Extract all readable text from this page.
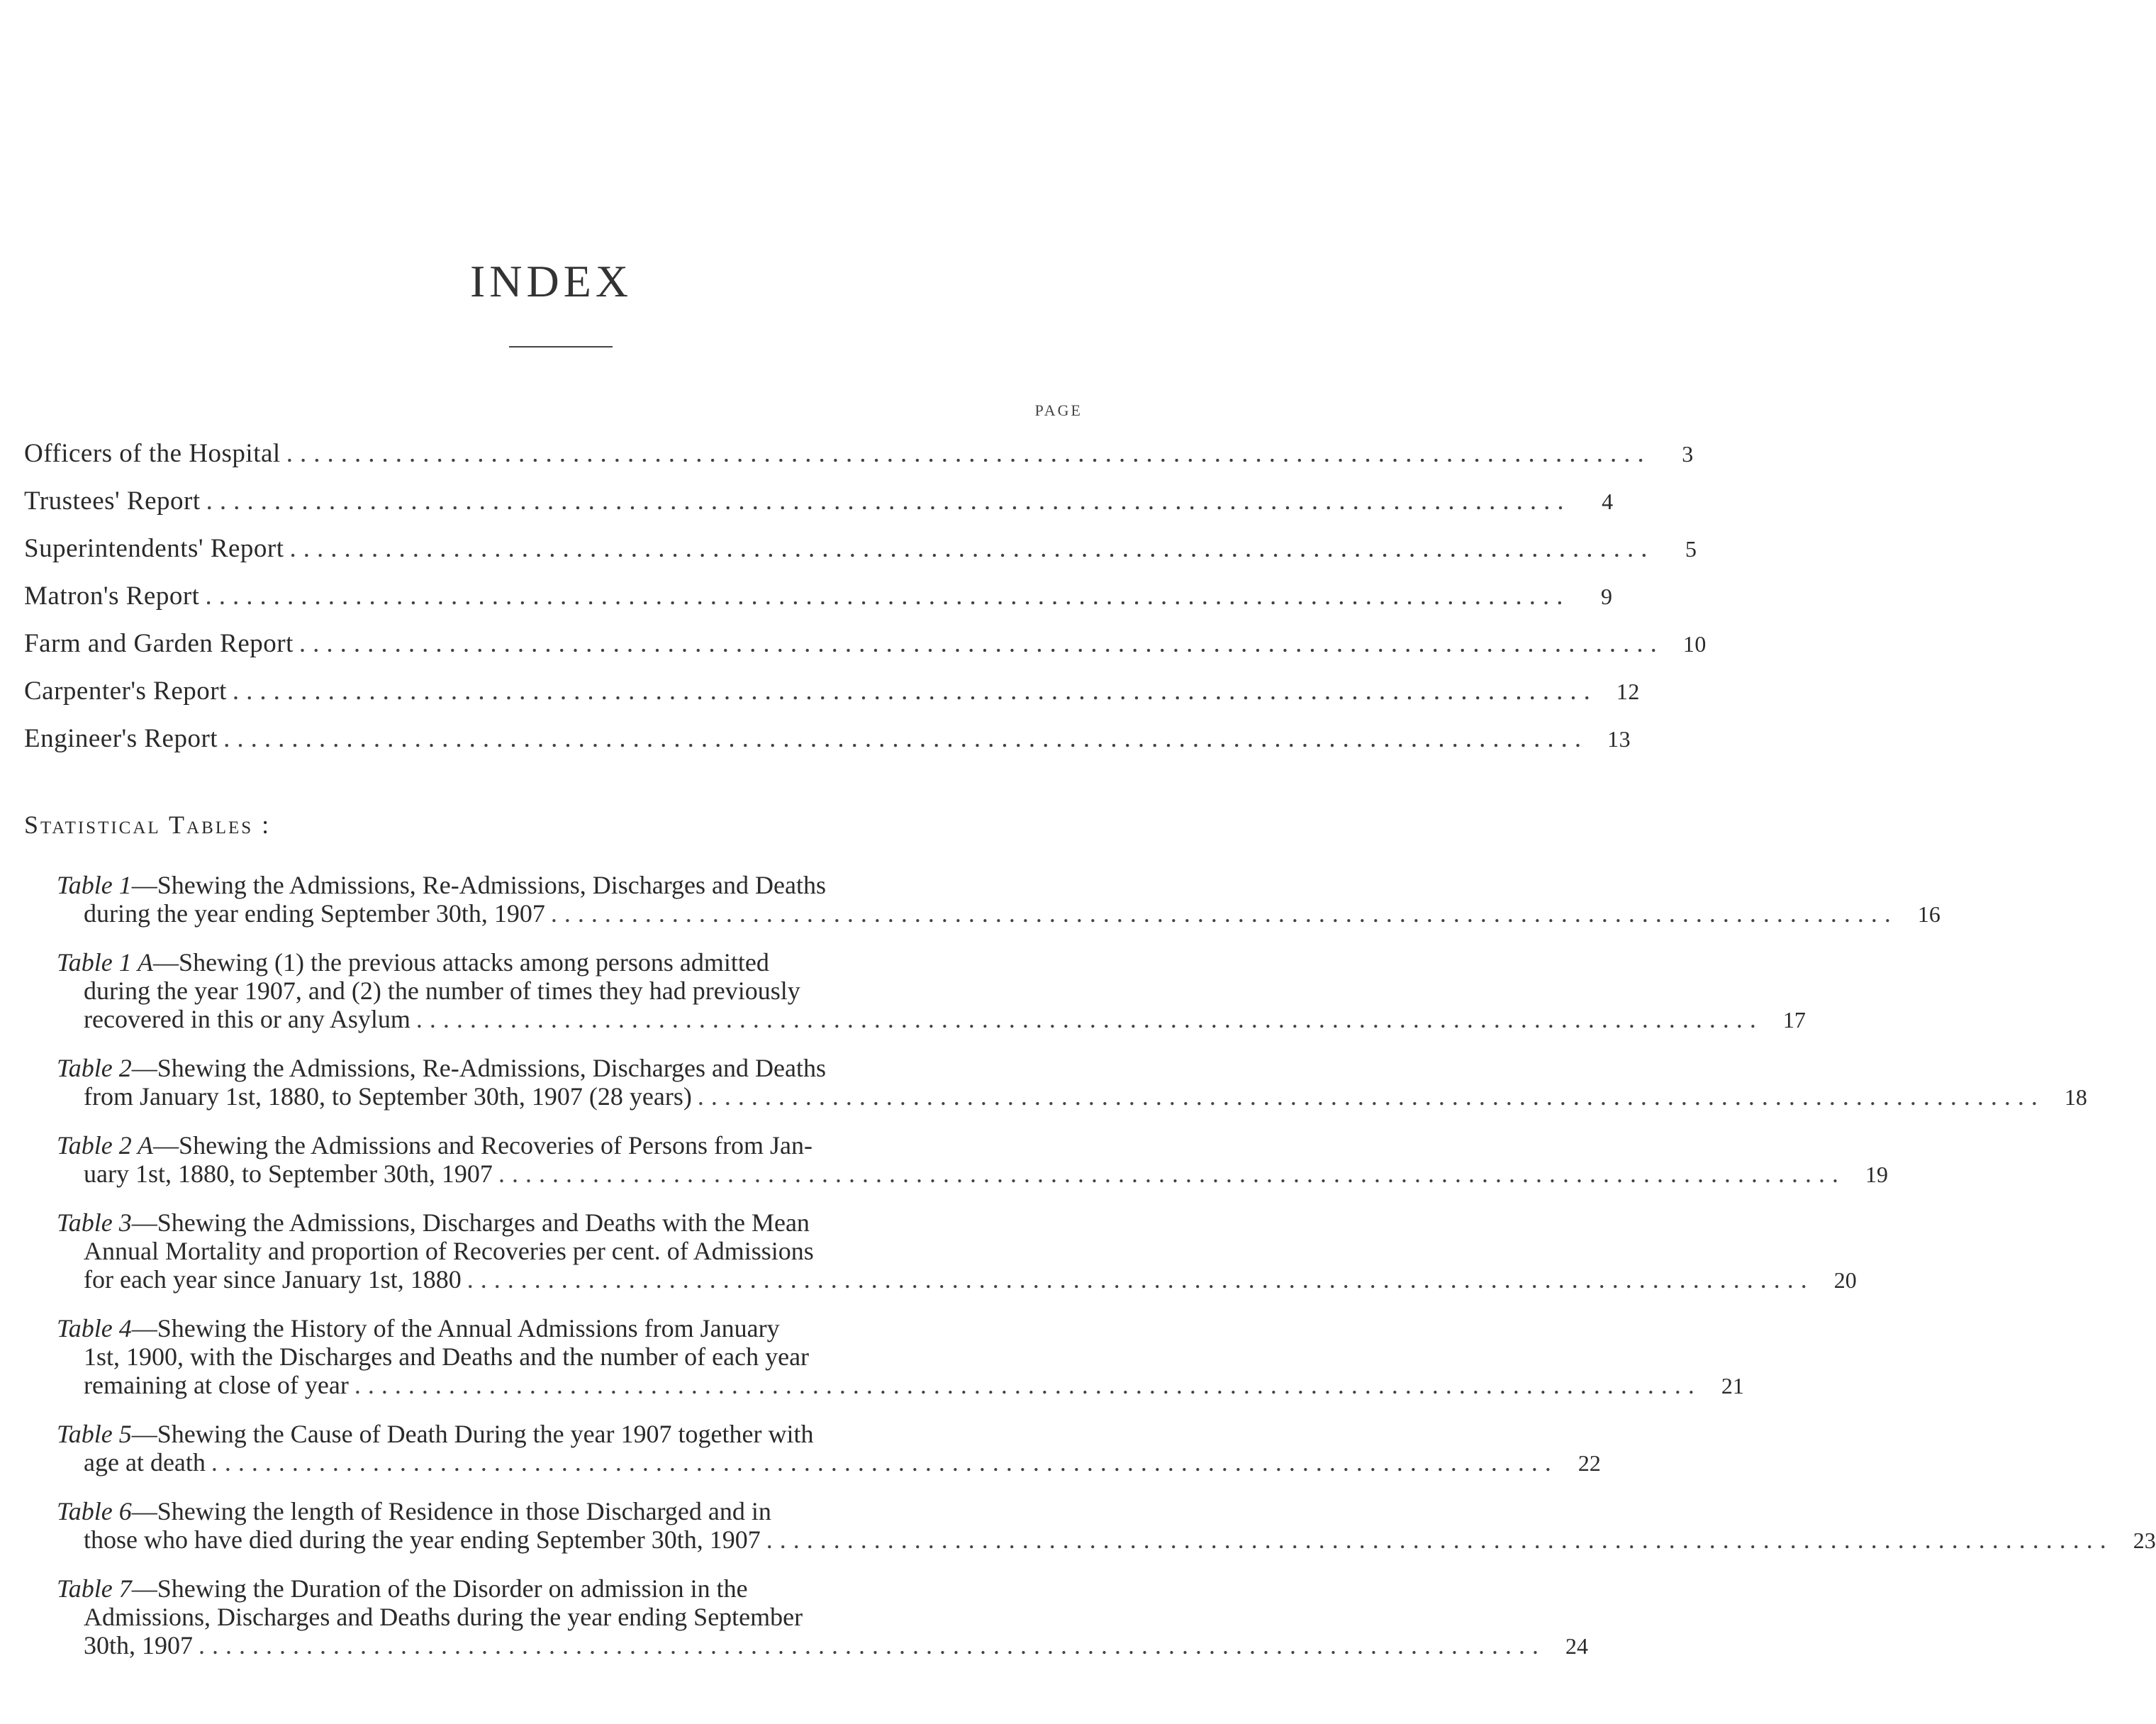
INDEX
PAGE
Officers of the Hospital ....................................................................................................	3
Trustees' Report ....................................................................................................	4
Superintendents' Report ....................................................................................................	5
Matron's Report ....................................................................................................	9
Farm and Garden Report .................................................................................................... 10
Carpenter's Report .................................................................................................... 12
Engineer's Report .................................................................................................... 13
Statistical Tables :
Table 1—Shewing the Admissions, Re-Admissions, Discharges and Deaths
during the year ending September 30th, 1907 .................................................................................................... 16
Table 1 A—Shewing (1) the previous attacks among persons admitted
during the year 1907, and (2) the number of times they had previously
recovered in this or any Asylum .................................................................................................... 17
Table 2—Shewing the Admissions, Re-Admissions, Discharges and Deaths
from January 1st, 1880, to September 30th, 1907 (28 years) .................................................................................................... 18
Table 2 A—Shewing the Admissions and Recoveries of Persons from Jan-
uary 1st, 1880, to September 30th, 1907 .................................................................................................... 19
Table 3—Shewing the Admissions, Discharges and Deaths with the Mean
Annual Mortality and proportion of Recoveries per cent. of Admissions
for each year since January 1st, 1880 .................................................................................................... 20
Table 4—Shewing the History of the Annual Admissions from January
1st, 1900, with the Discharges and Deaths and the number of each year
remaining at close of year .................................................................................................... 21
Table 5—Shewing the Cause of Death During the year 1907 together with
age at death .................................................................................................... 22
Table 6—Shewing the length of Residence in those Discharged and in
those who have died during the year ending September 30th, 1907 .................................................................................................... 23
Table 7—Shewing the Duration of the Disorder on admission in the
Admissions, Discharges and Deaths during the year ending September
30th, 1907 .................................................................................................... 24
